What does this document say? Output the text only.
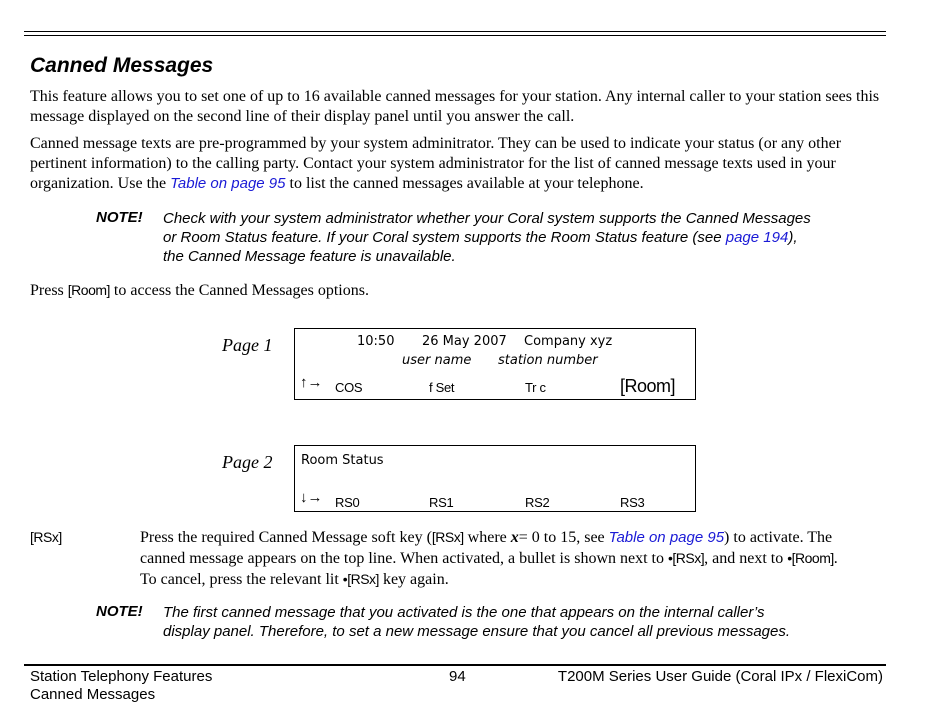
Canned Messages
This feature allows you to set one of up to 16 available canned messages for your station. Any internal caller to your station sees this message displayed on the second line of their display panel until you answer the call.
Canned message texts are pre-programmed by your system adminitrator. They can be used to indicate your status (or any other pertinent information) to the calling party. Contact your system administrator for the list of canned message texts used in your organization. Use the Table on page 95 to list the canned messages available at your telephone.
NOTE! Check with your system administrator whether your Coral system supports the Canned Messages
or Room Status feature. If your Coral system supports the Room Status feature (see page 194),
the Canned Message feature is unavailable.
Press [Room] to access the Canned Messages options.
Page 1	10:50 26 May 2007 Company xyz
user name station number
↑→ COS	f Set	Tr c	[Room]
Page 2 Room Status
↓→ RS0	RS1	RS2	RS3
[RSx]	Press the required Canned Message soft key ([RSx] where x= 0 to 15, see Table on page 95) to activate. The
canned message appears on the top line. When activated, a bullet is shown next to •[RSx], and next to •[Room].
To cancel, press the relevant lit •[RSx] key again.
NOTE! The first canned message that you activated is the one that appears on the internal caller’s
display panel. Therefore, to set a new message ensure that you cancel all previous messages.
Station Telephony Features
Canned Messages
94	T200M Series User Guide (Coral IPx / FlexiCom)
